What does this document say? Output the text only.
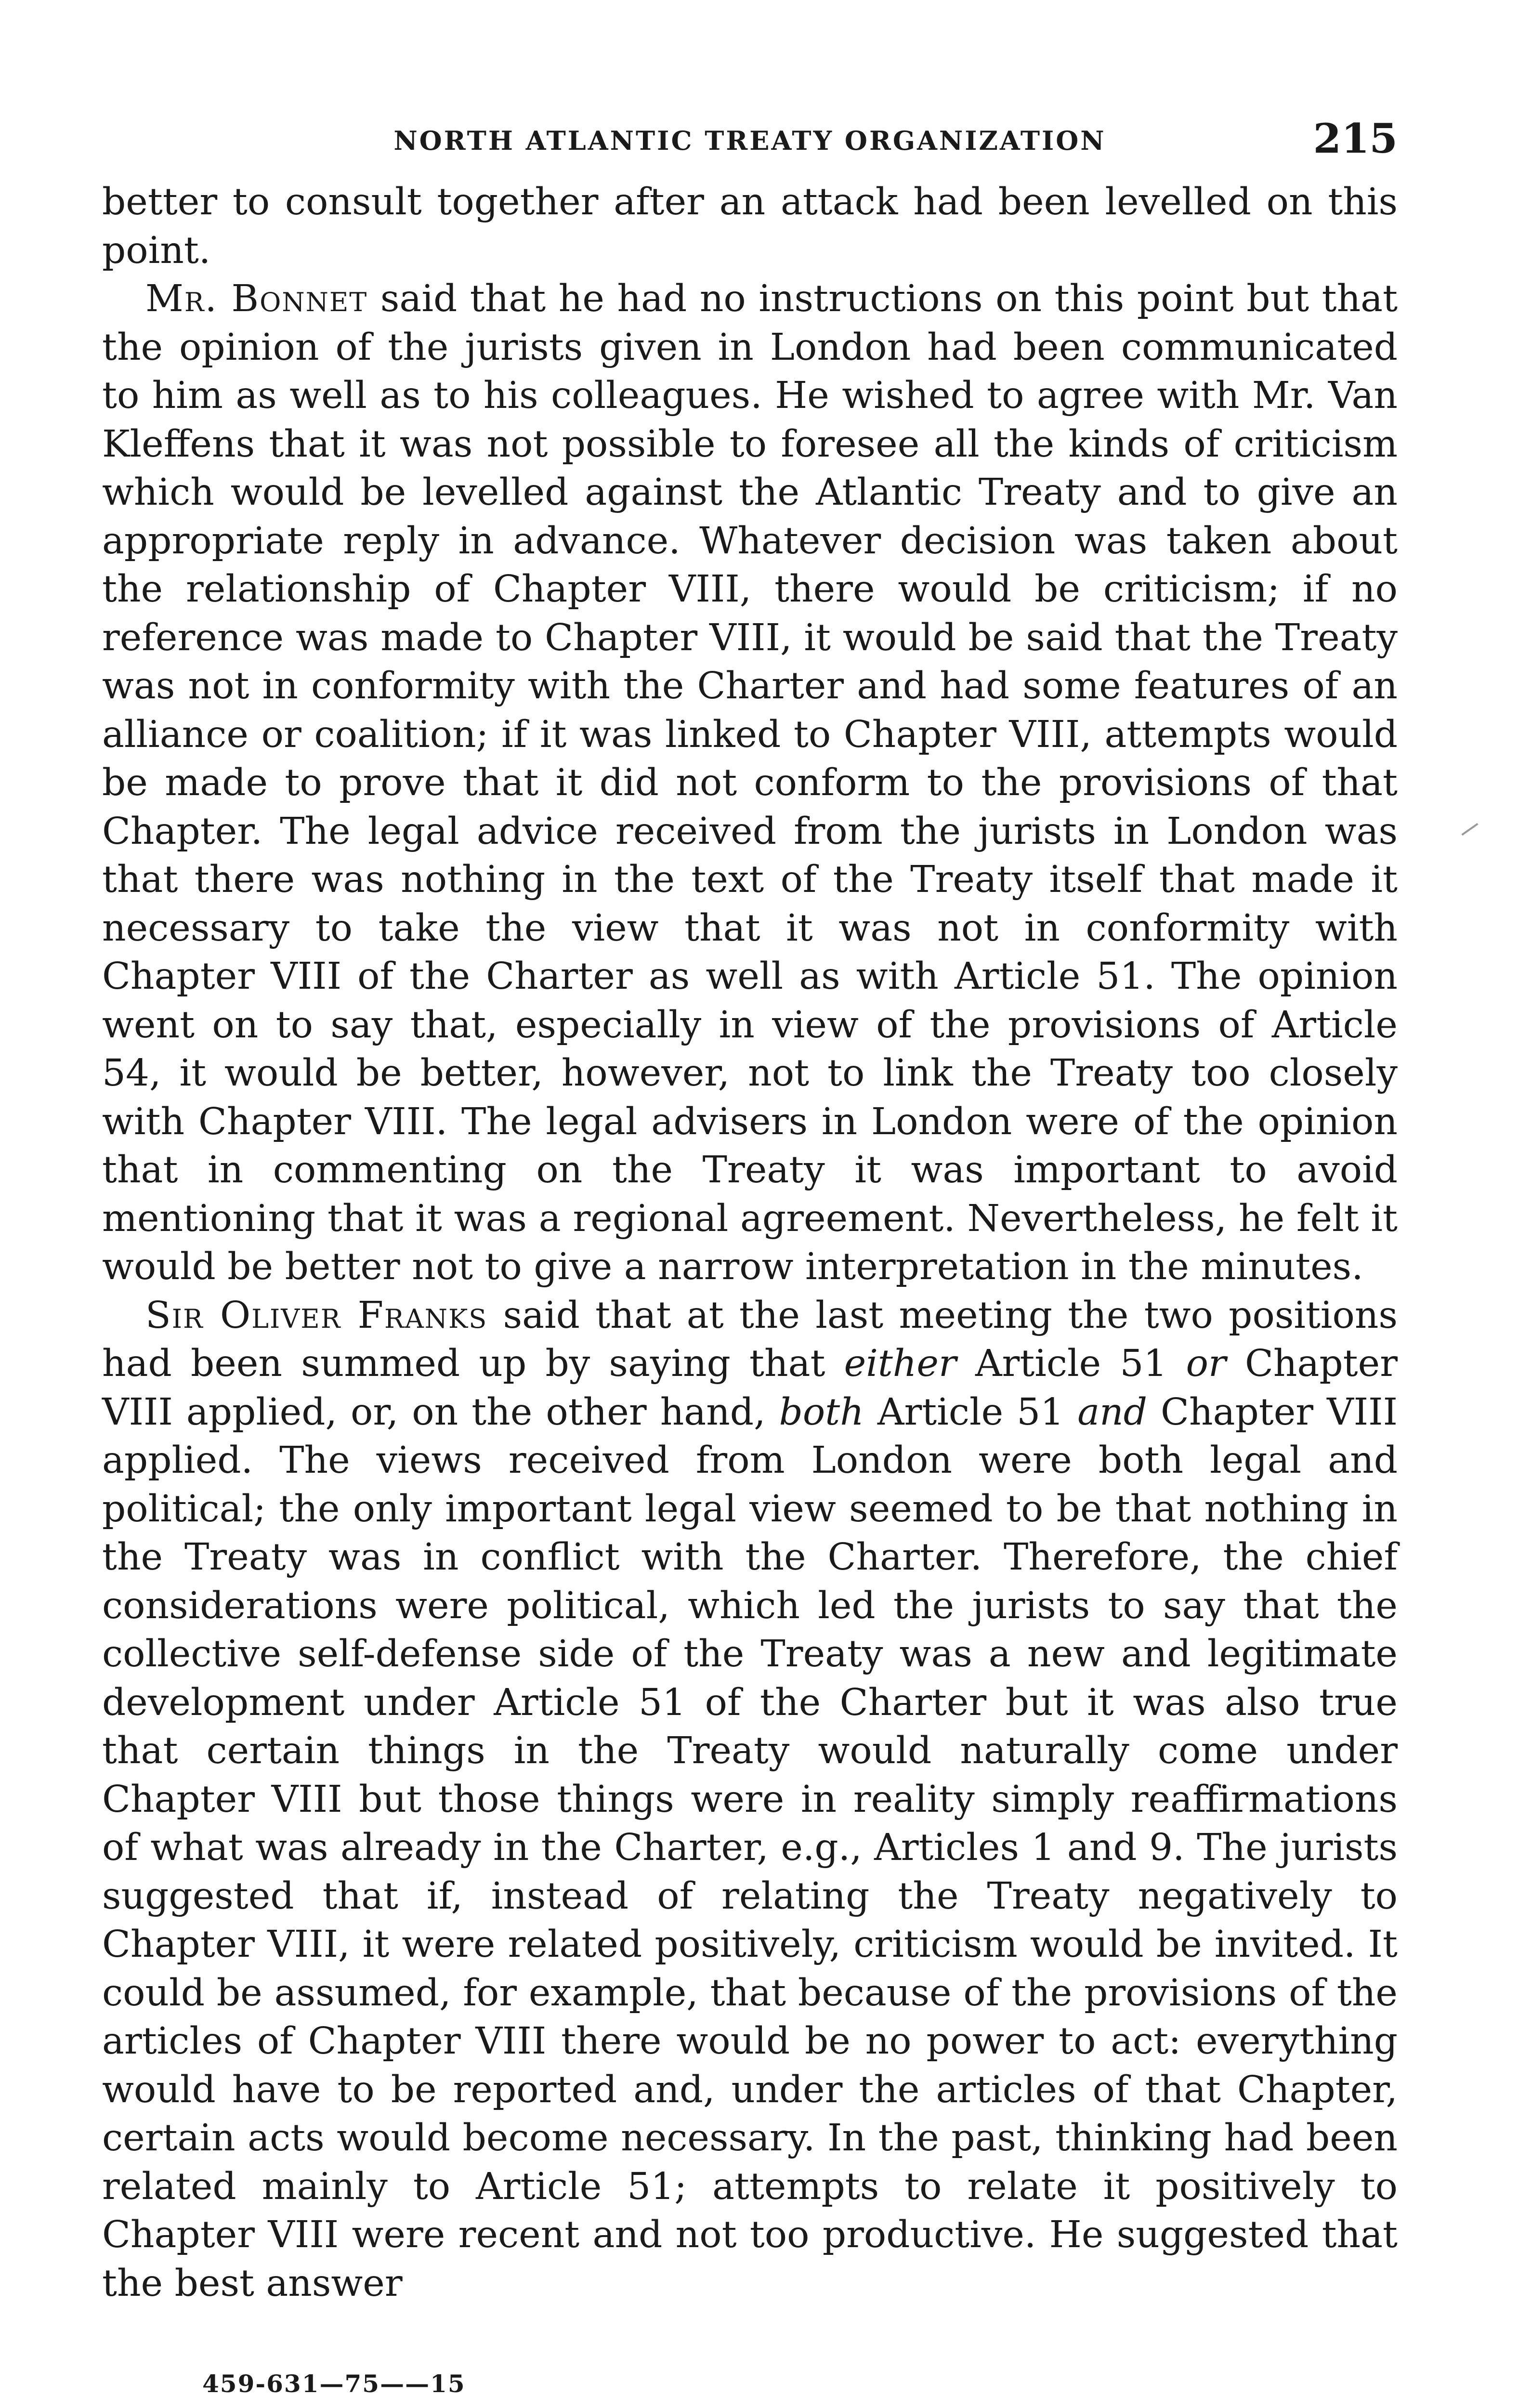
NORTH ATLANTIC TREATY ORGANIZATION	215

better to consult together after an attack had been levelled on this point.

Mr. Bonnet said that he had no instructions on this point but that the opinion of the jurists given in London had been communicated to him as well as to his colleagues. He wished to agree with Mr. Van Kleffens that it was not possible to foresee all the kinds of criticism which would be levelled against the Atlantic Treaty and to give an appropriate reply in advance. Whatever decision was taken about the relationship of Chapter VIII, there would be criticism; if no reference was made to Chapter VIII, it would be said that the Treaty was not in conformity with the Charter and had some features of an alliance or coalition; if it was linked to Chapter VIII, attempts would be made to prove that it did not conform to the provisions of that Chapter. The legal advice received from the jurists in London was that there was nothing in the text of the Treaty itself that made it necessary to take the view that it was not in conformity with Chapter VIII of the Charter as well as with Article 51. The opinion went on to say that, especially in view of the provisions of Article 54, it would be better, however, not to link the Treaty too closely with Chapter VIII. The legal advisers in London were of the opinion that in commenting on the Treaty it was important to avoid mentioning that it was a regional agreement. Nevertheless, he felt it would be better not to give a narrow interpretation in the minutes.

Sir Oliver Franks said that at the last meeting the two positions had been summed up by saying that either Article 51 or Chapter VIII applied, or, on the other hand, both Article 51 and Chapter VIII applied. The views received from London were both legal and political; the only important legal view seemed to be that nothing in the Treaty was in conflict with the Charter. Therefore, the chief considerations were political, which led the jurists to say that the collective self-defense side of the Treaty was a new and legitimate development under Article 51 of the Charter but it was also true that certain things in the Treaty would naturally come under Chapter VIII but those things were in reality simply reaffirmations of what was already in the Charter, e.g., Articles 1 and 9. The jurists suggested that if, instead of relating the Treaty negatively to Chapter VIII, it were related positively, criticism would be invited. It could be assumed, for example, that because of the provisions of the articles of Chapter VIII there would be no power to act: everything would have to be reported and, under the articles of that Chapter, certain acts would become necessary. In the past, thinking had been related mainly to Article 51; attempts to relate it positively to Chapter VIII were recent and not too productive. He suggested that the best answer

459-631—75——15
